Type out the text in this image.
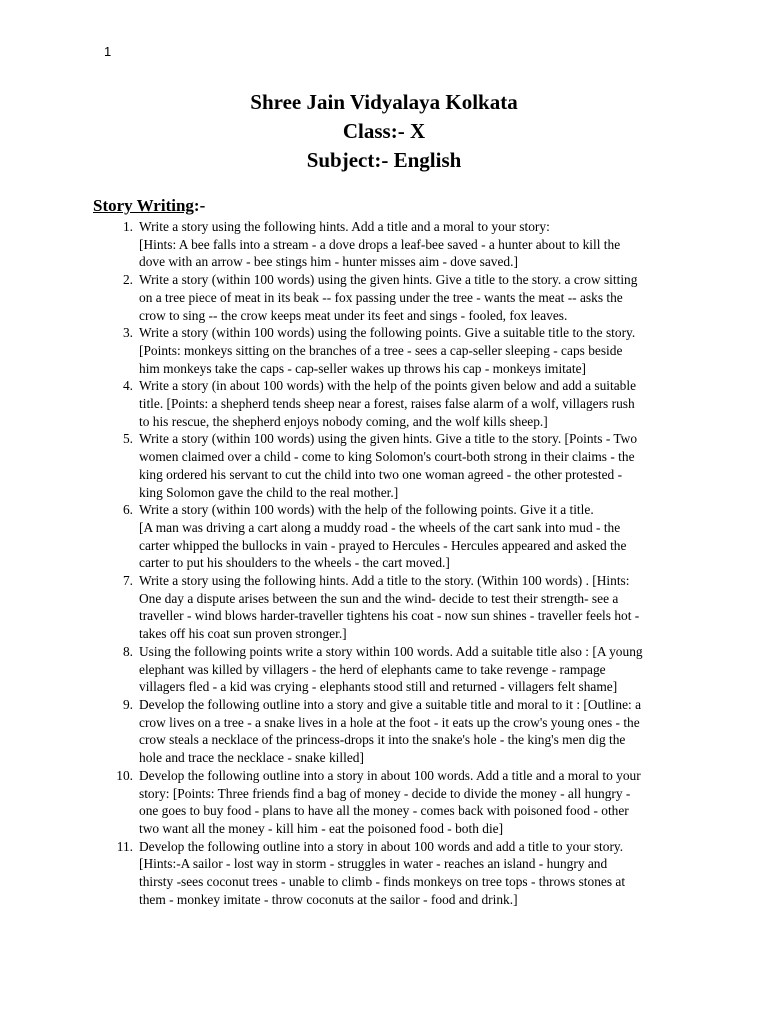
1
Shree Jain Vidyalaya Kolkata
Class:- X
Subject:- English
Story Writing:-
1. Write a story using the following hints. Add a title and a moral to your story:
[Hints: A bee falls into a stream - a dove drops a leaf-bee saved - a hunter about to kill the
dove with an arrow - bee stings him - hunter misses aim - dove saved.]
2. Write a story (within 100 words) using the given hints. Give a title to the story. a crow sitting
on a tree piece of meat in its beak -- fox passing under the tree - wants the meat -- asks the
crow to sing -- the crow keeps meat under its feet and sings - fooled, fox leaves.
3. Write a story (within 100 words) using the following points. Give a suitable title to the story.
[Points: monkeys sitting on the branches of a tree - sees a cap-seller sleeping - caps beside
him monkeys take the caps - cap-seller wakes up throws his cap - monkeys imitate]
4. Write a story (in about 100 words) with the help of the points given below and add a suitable
title. [Points: a shepherd tends sheep near a forest, raises false alarm of a wolf, villagers rush
to his rescue, the shepherd enjoys nobody coming, and the wolf kills sheep.]
5. Write a story (within 100 words) using the given hints. Give a title to the story. [Points - Two
women claimed over a child - come to king Solomon's court-both strong in their claims - the
king ordered his servant to cut the child into two one woman agreed - the other protested -
king Solomon gave the child to the real mother.]
6. Write a story (within 100 words) with the help of the following points. Give it a title.
[A man was driving a cart along a muddy road - the wheels of the cart sank into mud - the
carter whipped the bullocks in vain - prayed to Hercules - Hercules appeared and asked the
carter to put his shoulders to the wheels - the cart moved.]
7. Write a story using the following hints. Add a title to the story. (Within 100 words) . [Hints:
One day a dispute arises between the sun and the wind- decide to test their strength- see a
traveller - wind blows harder-traveller tightens his coat - now sun shines - traveller feels hot -
takes off his coat sun proven stronger.]
8. Using the following points write a story within 100 words. Add a suitable title also : [A young
elephant was killed by villagers - the herd of elephants came to take revenge - rampage
villagers fled - a kid was crying - elephants stood still and returned - villagers felt shame]
9. Develop the following outline into a story and give a suitable title and moral to it : [Outline: a
crow lives on a tree - a snake lives in a hole at the foot - it eats up the crow's young ones - the
crow steals a necklace of the princess-drops it into the snake's hole - the king's men dig the
hole and trace the necklace - snake killed]
10. Develop the following outline into a story in about 100 words. Add a title and a moral to your
story: [Points: Three friends find a bag of money - decide to divide the money - all hungry -
one goes to buy food - plans to have all the money - comes back with poisoned food - other
two want all the money - kill him - eat the poisoned food - both die]
11. Develop the following outline into a story in about 100 words and add a title to your story.
[Hints:-A sailor - lost way in storm - struggles in water - reaches an island - hungry and
thirsty -sees coconut trees - unable to climb - finds monkeys on tree tops - throws stones at
them - monkey imitate - throw coconuts at the sailor - food and drink.]
